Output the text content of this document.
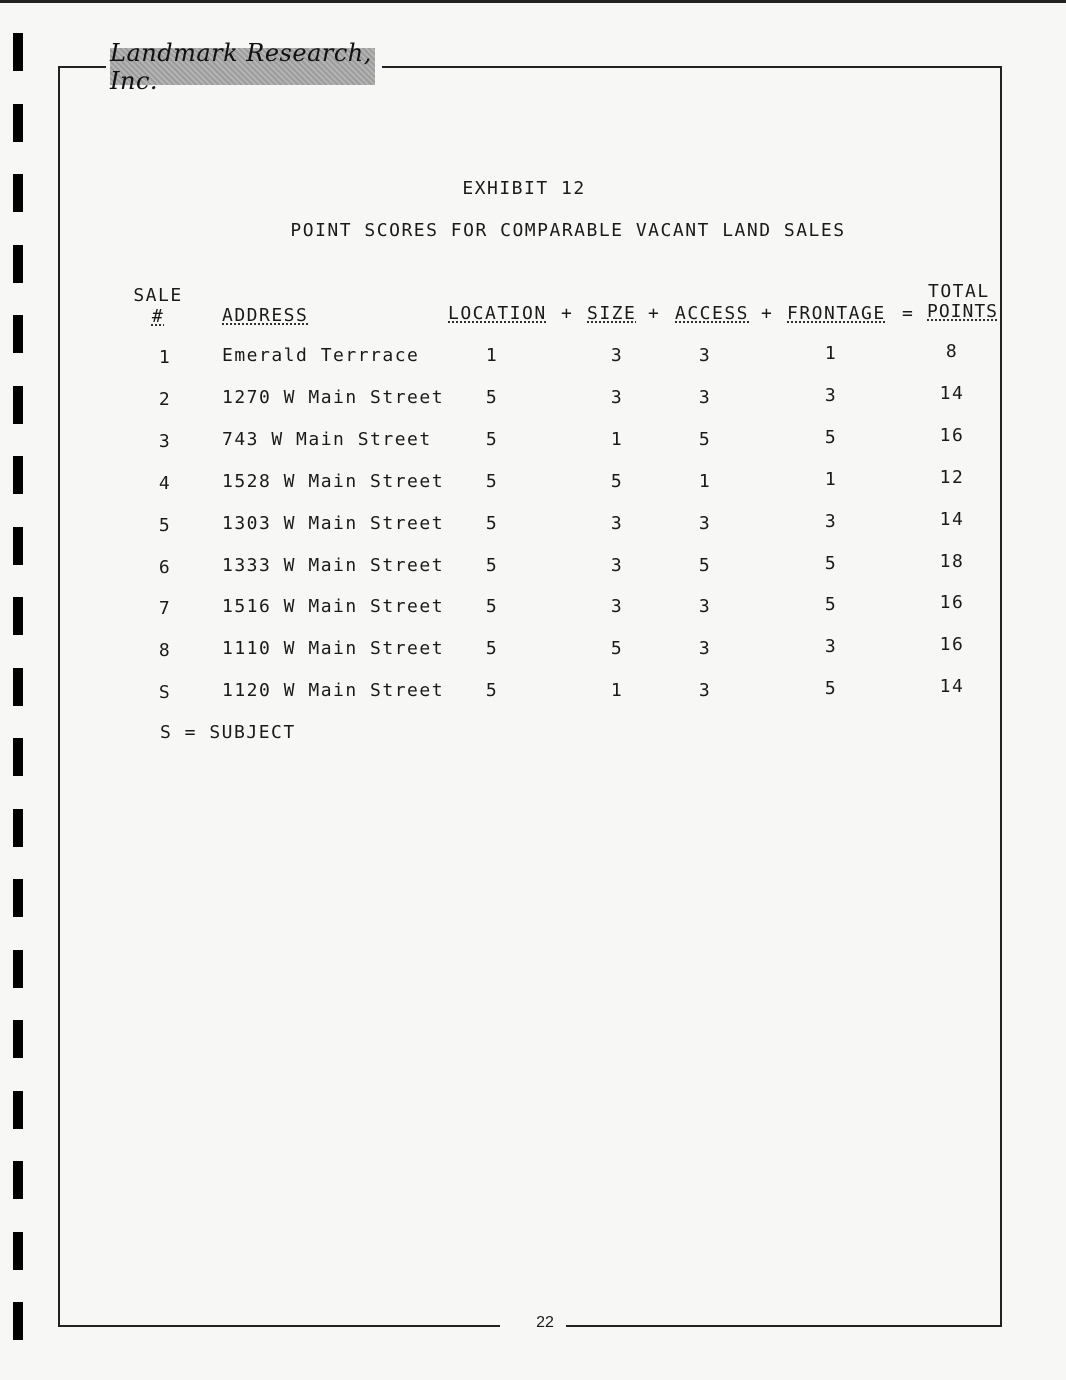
Landmark Research, Inc.
EXHIBIT 12
POINT SCORES FOR COMPARABLE VACANT LAND SALES
SALE
#	ADDRESS	LOCATION + SIZE + ACCESS + FRONTAGE =
TOTAL
POINTS
1	Emerald Terrrace	1	3	3	1	8
2	1270 W Main Street 5	3	3	3	14
3	743 W Main Street	5	1	5	5	16
4	1528 W Main Street 5	5	1	1	12
5	1303 W Main Street 5	3	3	3	14
6	1333 W Main Street 5	3	5	5	18
7	1516 W Main Street 5	3	3	5	16
8	1110 W Main Street 5	5	3	3	16
S	1120 W Main Street 5	1	3	5	14
S = SUBJECT
22
